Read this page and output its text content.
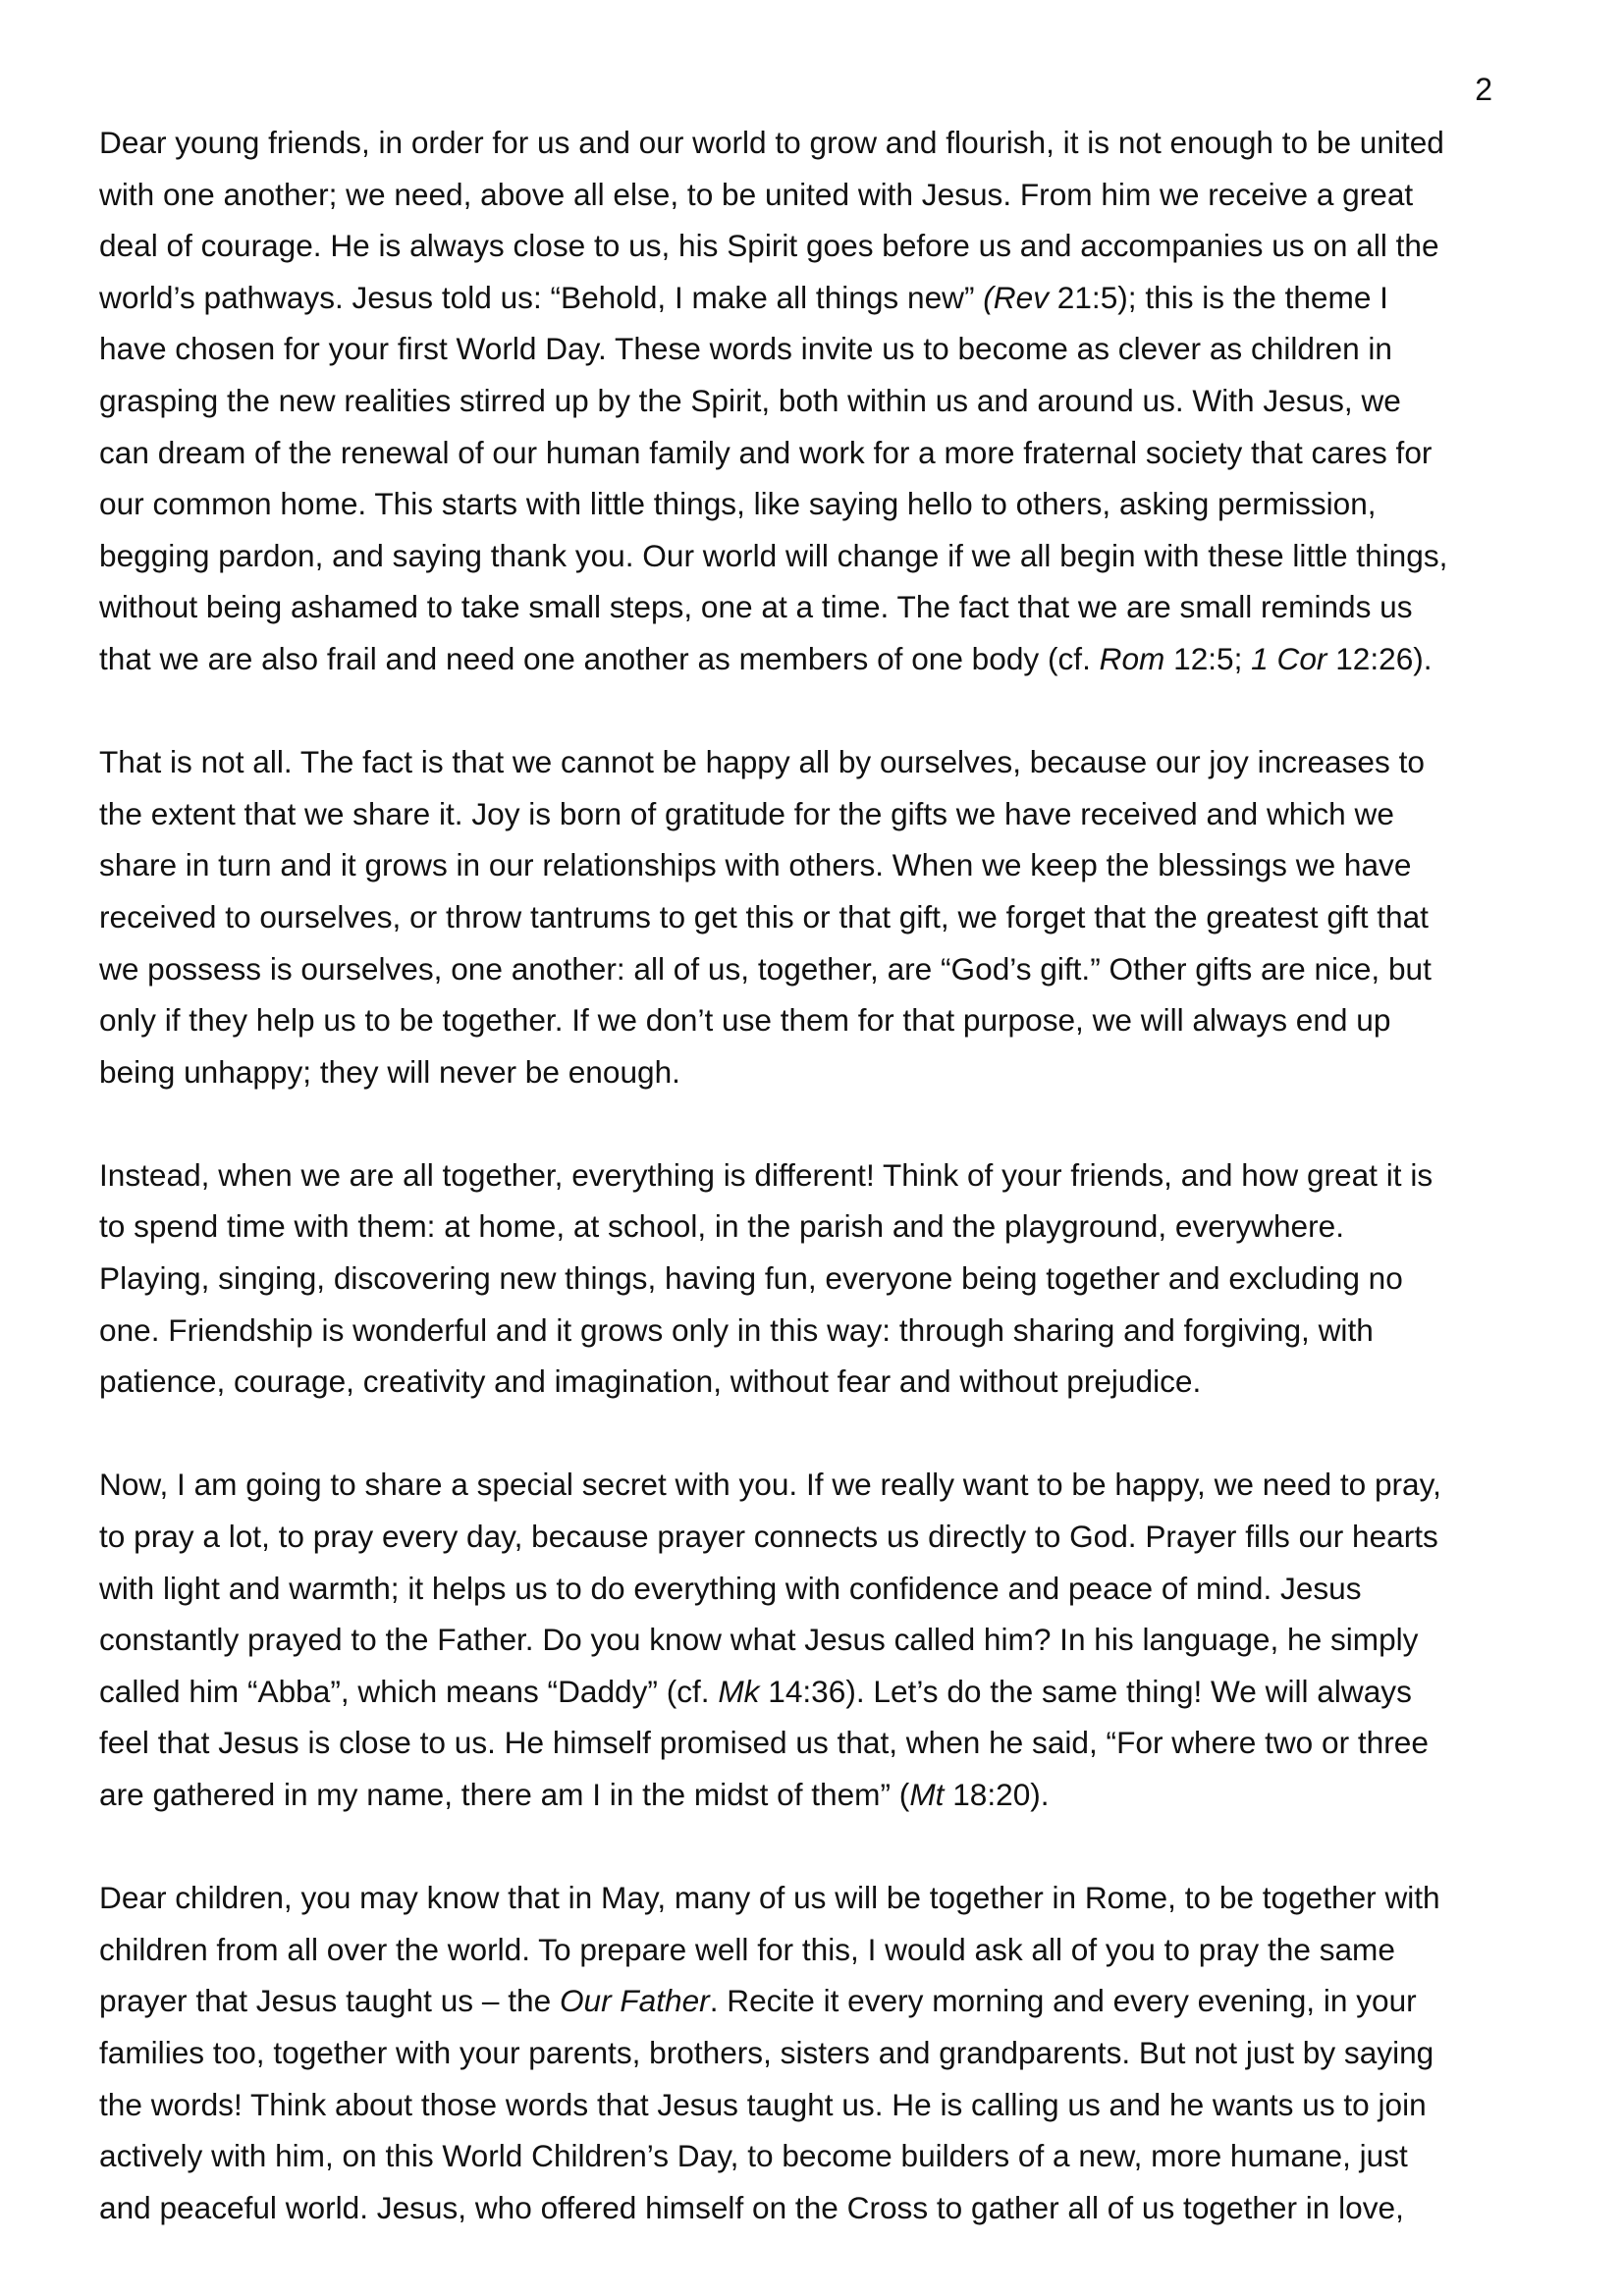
2

Dear young friends, in order for us and our world to grow and flourish, it is not enough to be united
with one another; we need, above all else, to be united with Jesus. From him we receive a great
deal of courage. He is always close to us, his Spirit goes before us and accompanies us on all the
world’s pathways. Jesus told us: “Behold, I make all things new” (Rev 21:5); this is the theme I
have chosen for your first World Day. These words invite us to become as clever as children in
grasping the new realities stirred up by the Spirit, both within us and around us. With Jesus, we
can dream of the renewal of our human family and work for a more fraternal society that cares for
our common home. This starts with little things, like saying hello to others, asking permission,
begging pardon, and saying thank you. Our world will change if we all begin with these little things,
without being ashamed to take small steps, one at a time. The fact that we are small reminds us
that we are also frail and need one another as members of one body (cf. Rom 12:5; 1 Cor 12:26).

That is not all. The fact is that we cannot be happy all by ourselves, because our joy increases to
the extent that we share it. Joy is born of gratitude for the gifts we have received and which we
share in turn and it grows in our relationships with others. When we keep the blessings we have
received to ourselves, or throw tantrums to get this or that gift, we forget that the greatest gift that
we possess is ourselves, one another: all of us, together, are “God’s gift.” Other gifts are nice, but
only if they help us to be together. If we don’t use them for that purpose, we will always end up
being unhappy; they will never be enough.

Instead, when we are all together, everything is different! Think of your friends, and how great it is
to spend time with them: at home, at school, in the parish and the playground, everywhere.
Playing, singing, discovering new things, having fun, everyone being together and excluding no
one. Friendship is wonderful and it grows only in this way: through sharing and forgiving, with
patience, courage, creativity and imagination, without fear and without prejudice.

Now, I am going to share a special secret with you. If we really want to be happy, we need to pray,
to pray a lot, to pray every day, because prayer connects us directly to God. Prayer fills our hearts
with light and warmth; it helps us to do everything with confidence and peace of mind. Jesus
constantly prayed to the Father. Do you know what Jesus called him? In his language, he simply
called him “Abba”, which means “Daddy” (cf. Mk 14:36). Let’s do the same thing! We will always
feel that Jesus is close to us. He himself promised us that, when he said, “For where two or three
are gathered in my name, there am I in the midst of them” (Mt 18:20).

Dear children, you may know that in May, many of us will be together in Rome, to be together with
children from all over the world. To prepare well for this, I would ask all of you to pray the same
prayer that Jesus taught us – the Our Father. Recite it every morning and every evening, in your
families too, together with your parents, brothers, sisters and grandparents. But not just by saying
the words! Think about those words that Jesus taught us. He is calling us and he wants us to join
actively with him, on this World Children’s Day, to become builders of a new, more humane, just
and peaceful world. Jesus, who offered himself on the Cross to gather all of us together in love,
